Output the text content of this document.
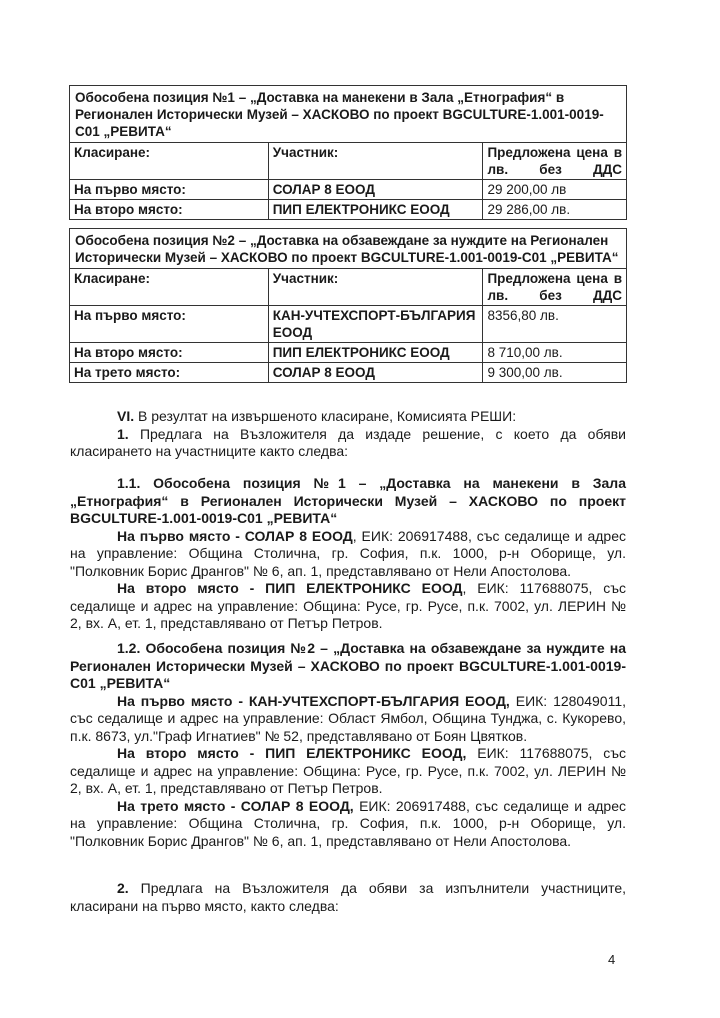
Обособена позиция №1 – „Доставка на манекени в Зала „Етнография“ в Регионален Исторически Музей – ХАСКОВО по проект BGCULTURE-1.001-0019-C01 „РЕВИТА“		
Класиране:	Участник:	Предложена цена в лв. без ДДС
На първо място:	СОЛАР 8 ЕООД	29 200,00 лв
На второ място:	ПИП ЕЛЕКТРОНИКС ЕООД	29 286,00 лв.
Обособена позиция №2 – „Доставка на обзавеждане за нуждите на Регионален Исторически Музей – ХАСКОВО по проект BGCULTURE-1.001-0019-C01 „РЕВИТА“		
Класиране:	Участник:	Предложена цена в лв. без ДДС
На първо място:	КАН-УЧТЕХСПОРТ-БЪЛГАРИЯ ЕООД	8356,80 лв.
На второ място:	ПИП ЕЛЕКТРОНИКС ЕООД	8 710,00 лв.
На трето място:	СОЛАР 8 ЕООД	9 300,00 лв.

VI. В резултат на извършеното класиране, Комисията РЕШИ:

1. Предлага на Възложителя да издаде решение, с което да обяви класирането на участниците както следва:

1.1. Обособена позиция №1 – „Доставка на манекени в Зала „Етнография“ в Регионален Исторически Музей – ХАСКОВО по проект BGCULTURE-1.001-0019-C01 „РЕВИТА“

На първо място - СОЛАР 8 ЕООД, ЕИК: 206917488, със седалище и адрес на управление: Община Столична, гр. София, п.к. 1000, р-н Оборище, ул. "Полковник Борис Дрангов" № 6, ап. 1, представлявано от Нели Апостолова.

На второ място - ПИП ЕЛЕКТРОНИКС ЕООД, ЕИК: 117688075, със седалище и адрес на управление: Община: Русе, гр. Русе, п.к. 7002, ул. ЛЕРИН № 2, вх. А, ет. 1, представлявано от Петър Петров.

1.2. Обособена позиция №2 – „Доставка на обзавеждане за нуждите на Регионален Исторически Музей – ХАСКОВО по проект BGCULTURE-1.001-0019-C01 „РЕВИТА“

На първо място - КАН-УЧТЕХСПОРТ-БЪЛГАРИЯ ЕООД, ЕИК: 128049011, със седалище и адрес на управление: Област Ямбол, Община Тунджа, с. Кукорево, п.к. 8673, ул."Граф Игнатиев" № 52, представлявано от Боян Цвятков.

На второ място - ПИП ЕЛЕКТРОНИКС ЕООД, ЕИК: 117688075, със седалище и адрес на управление: Община: Русе, гр. Русе, п.к. 7002, ул. ЛЕРИН № 2, вх. А, ет. 1, представлявано от Петър Петров.

На трето място - СОЛАР 8 ЕООД, ЕИК: 206917488, със седалище и адрес на управление: Община Столична, гр. София, п.к. 1000, р-н Оборище, ул. "Полковник Борис Дрангов" № 6, ап. 1, представлявано от Нели Апостолова.

2. Предлага на Възложителя да обяви за изпълнители участниците, класирани на първо място, както следва:

4
